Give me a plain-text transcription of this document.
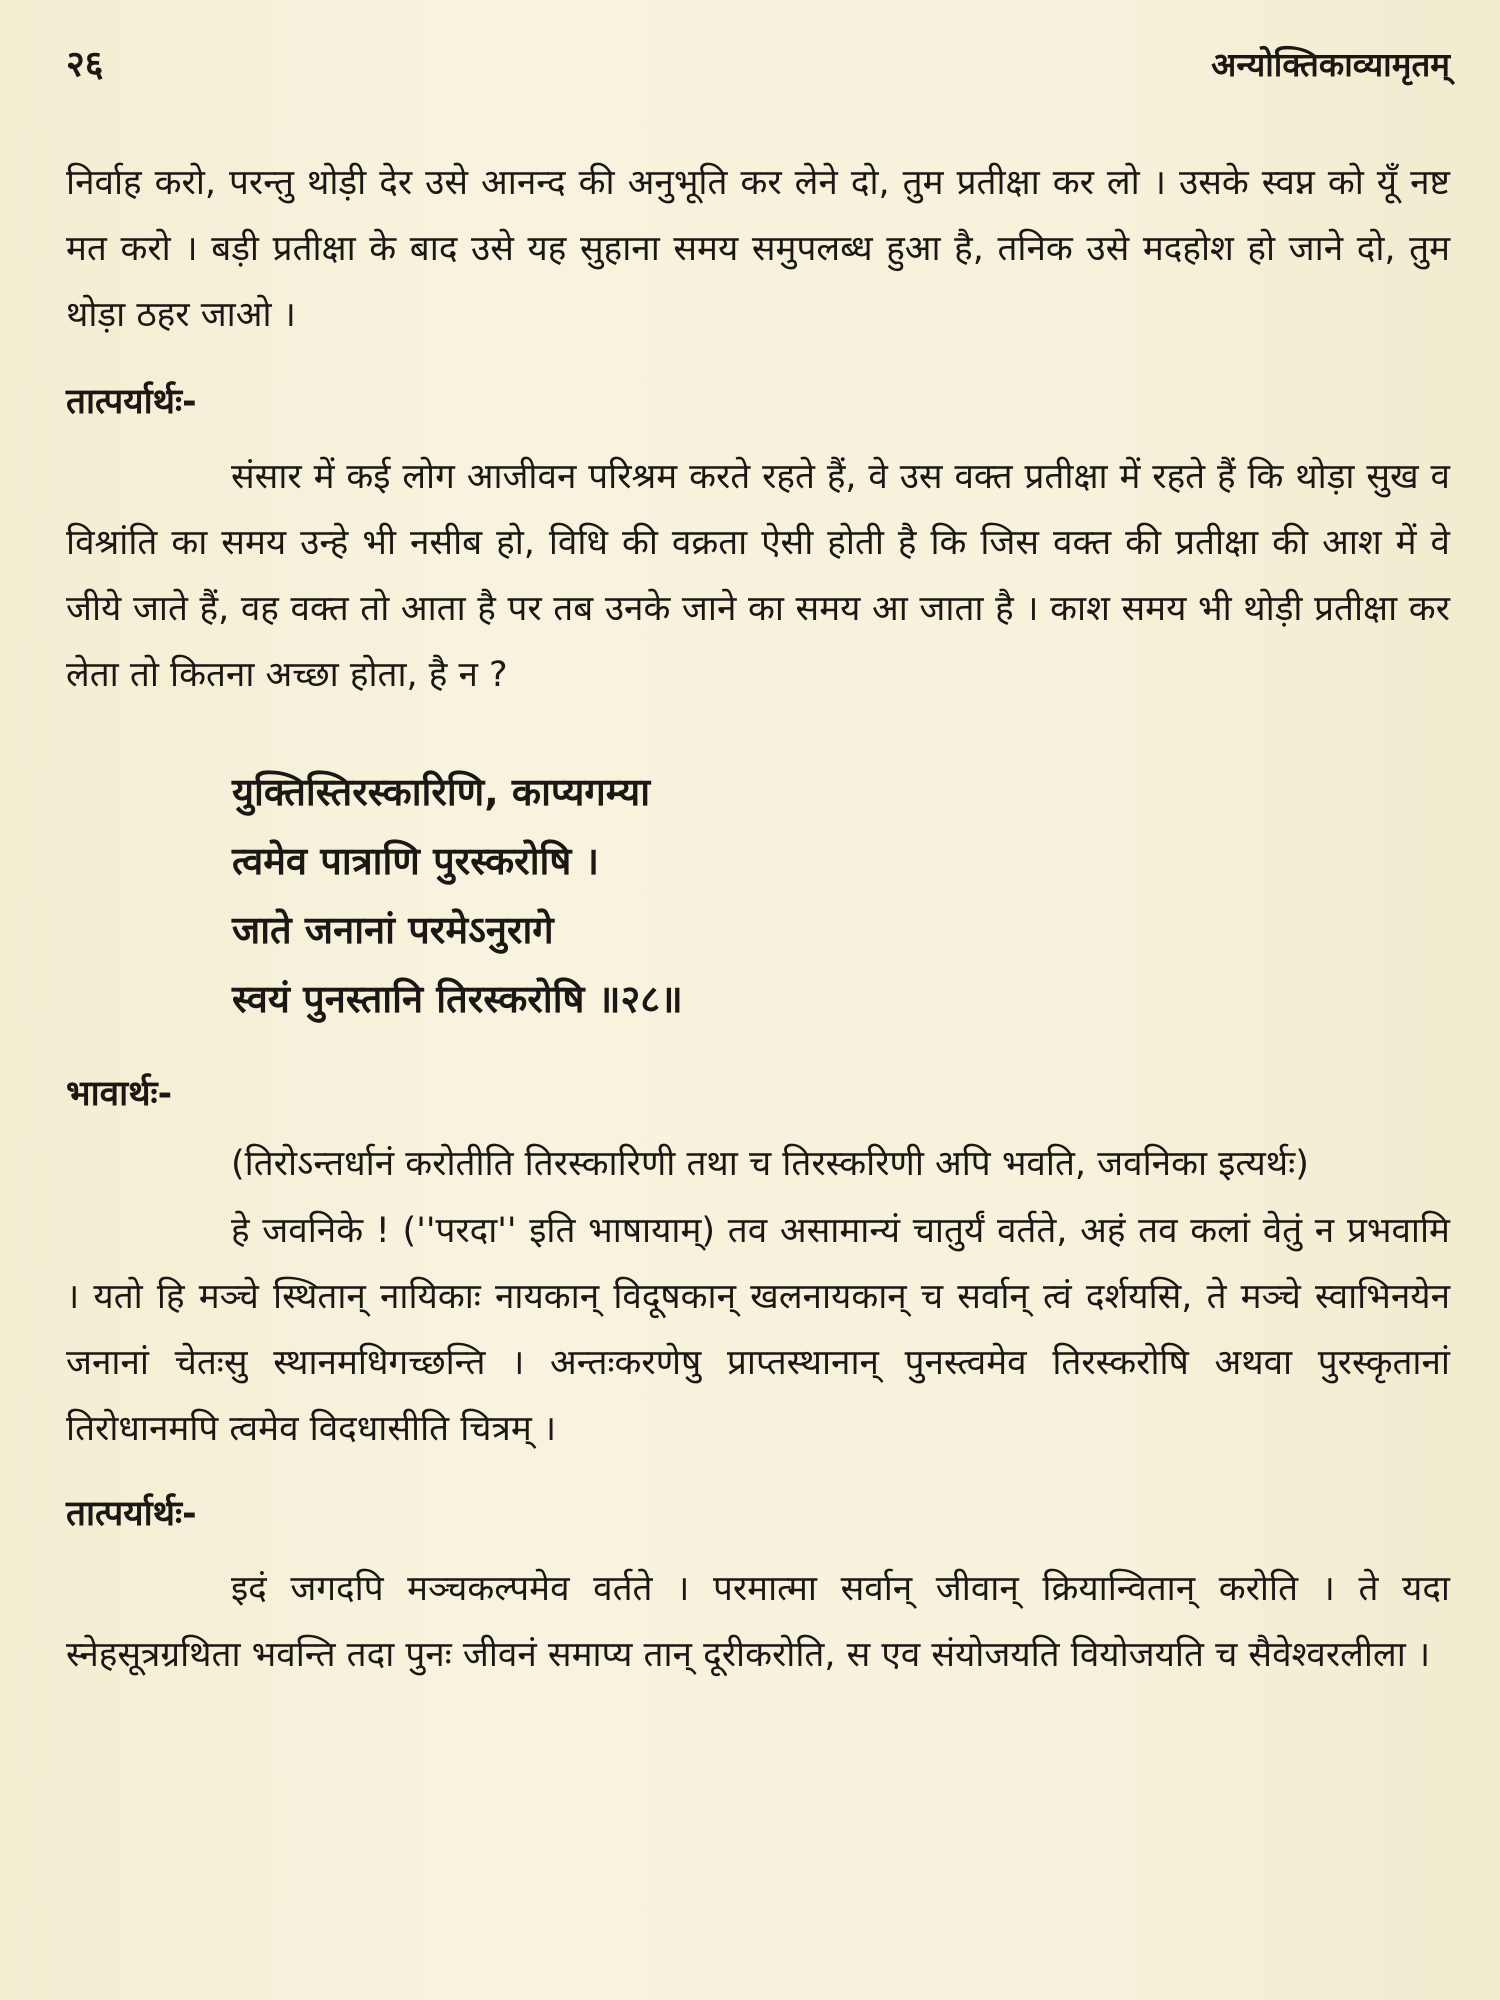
२६	अन्योक्तिकाव्यामृतम्

निर्वाह करो, परन्तु थोड़ी देर उसे आनन्द की अनुभूति कर लेने दो, तुम प्रतीक्षा कर लो । उसके स्वप्न को यूँ नष्ट मत करो । बड़ी प्रतीक्षा के बाद उसे यह सुहाना समय समुपलब्ध हुआ है, तनिक उसे मदहोश हो जाने दो, तुम थोड़ा ठहर जाओ ।

तात्पर्यार्थः-

संसार में कई लोग आजीवन परिश्रम करते रहते हैं, वे उस वक्त प्रतीक्षा में रहते हैं कि थोड़ा सुख व विश्रांति का समय उन्हे भी नसीब हो, विधि की वक्रता ऐसी होती है कि जिस वक्त की प्रतीक्षा की आश में वे जीये जाते हैं, वह वक्त तो आता है पर तब उनके जाने का समय आ जाता है । काश समय भी थोड़ी प्रतीक्षा कर लेता तो कितना अच्छा होता, है न ?

युक्तिस्तिरस्कारिणि, काप्यगम्या
त्वमेव पात्राणि पुरस्करोषि ।
जाते जनानां परमेऽनुरागे
स्वयं पुनस्तानि तिरस्करोषि ॥२८॥
भावार्थः-

(तिरोऽन्तर्धानं करोतीति तिरस्कारिणी तथा च तिरस्करिणी अपि भवति, जवनिका इत्यर्थः)

हे जवनिके ! (''परदा'' इति भाषायाम्) तव असामान्यं चातुर्यं वर्तते, अहं तव कलां वेतुं न प्रभवामि । यतो हि मञ्चे स्थितान् नायिकाः नायकान् विदूषकान् खलनायकान् च सर्वान् त्वं दर्शयसि, ते मञ्चे स्वाभिनयेन जनानां चेतःसु स्थानमधिगच्छन्ति । अन्तःकरणेषु प्राप्तस्थानान् पुनस्त्वमेव तिरस्करोषि अथवा पुरस्कृतानां तिरोधानमपि त्वमेव विदधासीति चित्रम् ।

तात्पर्यार्थः-

इदं जगदपि मञ्चकल्पमेव वर्तते । परमात्मा सर्वान् जीवान् क्रियान्वितान् करोति । ते यदा स्नेहसूत्रग्रथिता भवन्ति तदा पुनः जीवनं समाप्य तान् दूरीकरोति, स एव संयोजयति वियोजयति च सैवेश्वरलीला ।
